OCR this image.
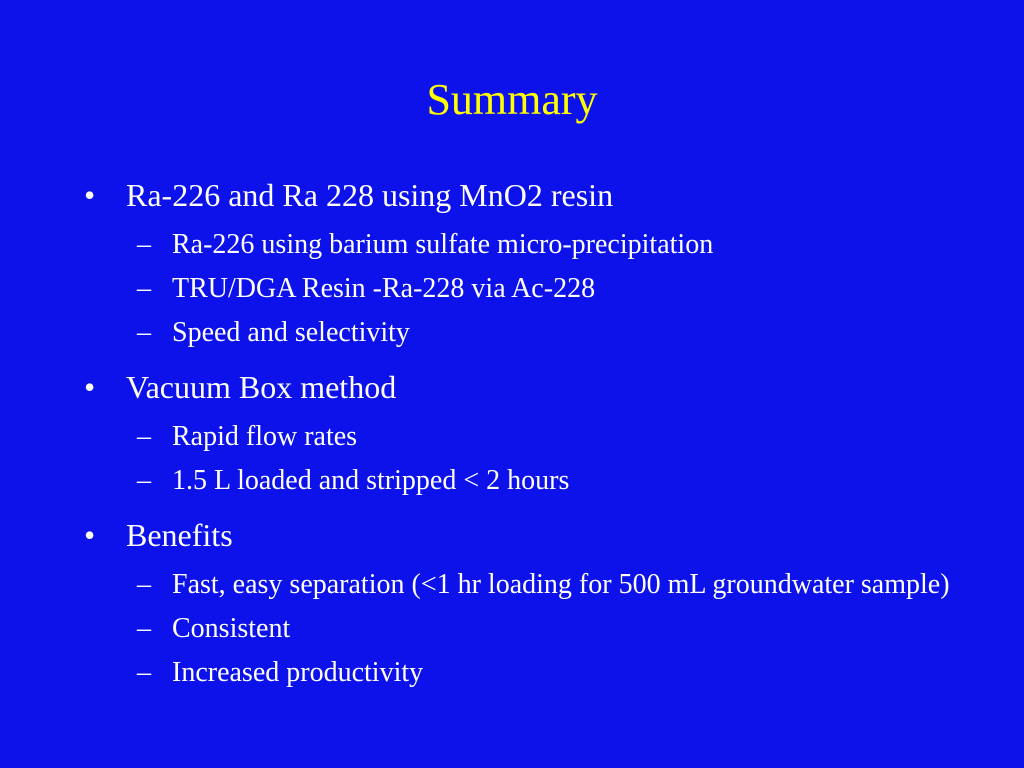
Summary
• Ra-226 and Ra 228 using MnO2 resin
– Ra-226 using barium sulfate micro-precipitation
– TRU/DGA Resin -Ra-228 via Ac-228
– Speed and selectivity
• Vacuum Box method
– Rapid flow rates
– 1.5 L loaded and stripped < 2 hours
• Benefits
– Fast, easy separation (<1 hr loading for 500 mL groundwater sample)
– Consistent
– Increased productivity
